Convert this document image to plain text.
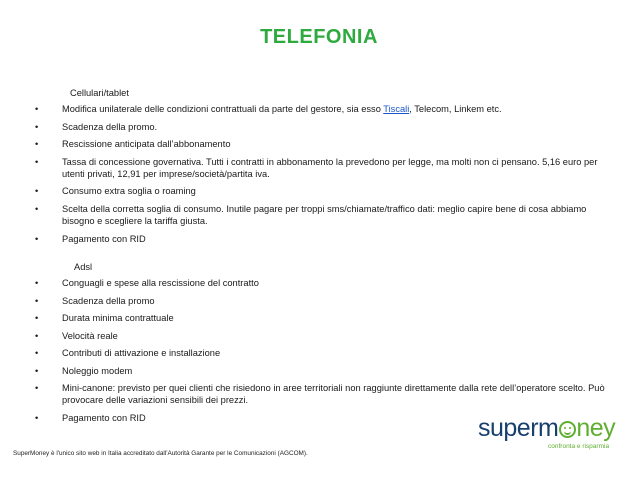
TELEFONIA
Cellulari/tablet
•	Modifica unilaterale delle condizioni contrattuali da parte del gestore, sia esso Tiscali, Telecom, Linkem etc.
•	Scadenza della promo.
•	Rescissione anticipata dall’abbonamento
•	Tassa di concessione governativa. Tutti i contratti in abbonamento la prevedono per legge, ma molti non ci pensano. 5,16 euro per utenti privati, 12,91 per imprese/società/partita iva.
•	Consumo extra soglia o roaming
•	Scelta della corretta soglia di consumo. Inutile pagare per troppi sms/chiamate/traffico dati: meglio capire bene di cosa abbiamo bisogno e scegliere la tariffa giusta.
•	Pagamento con RID
Adsl
•	Conguagli e spese alla rescissione del contratto
•	Scadenza della promo
•	Durata minima contrattuale
•	Velocità reale
•	Contributi di attivazione e installazione
•	Noleggio modem
•	Mini-canone: previsto per quei clienti che risiedono in aree territoriali non raggiunte direttamente dalla rete dell’operatore scelto. Può provocare delle variazioni sensibili dei prezzi.
•	Pagamento con RID
SuperMoney è l'unico sito web in Italia accreditato dall'Autorità Garante per le Comunicazioni (AGCOM).
superm ney
confronta e risparmia
